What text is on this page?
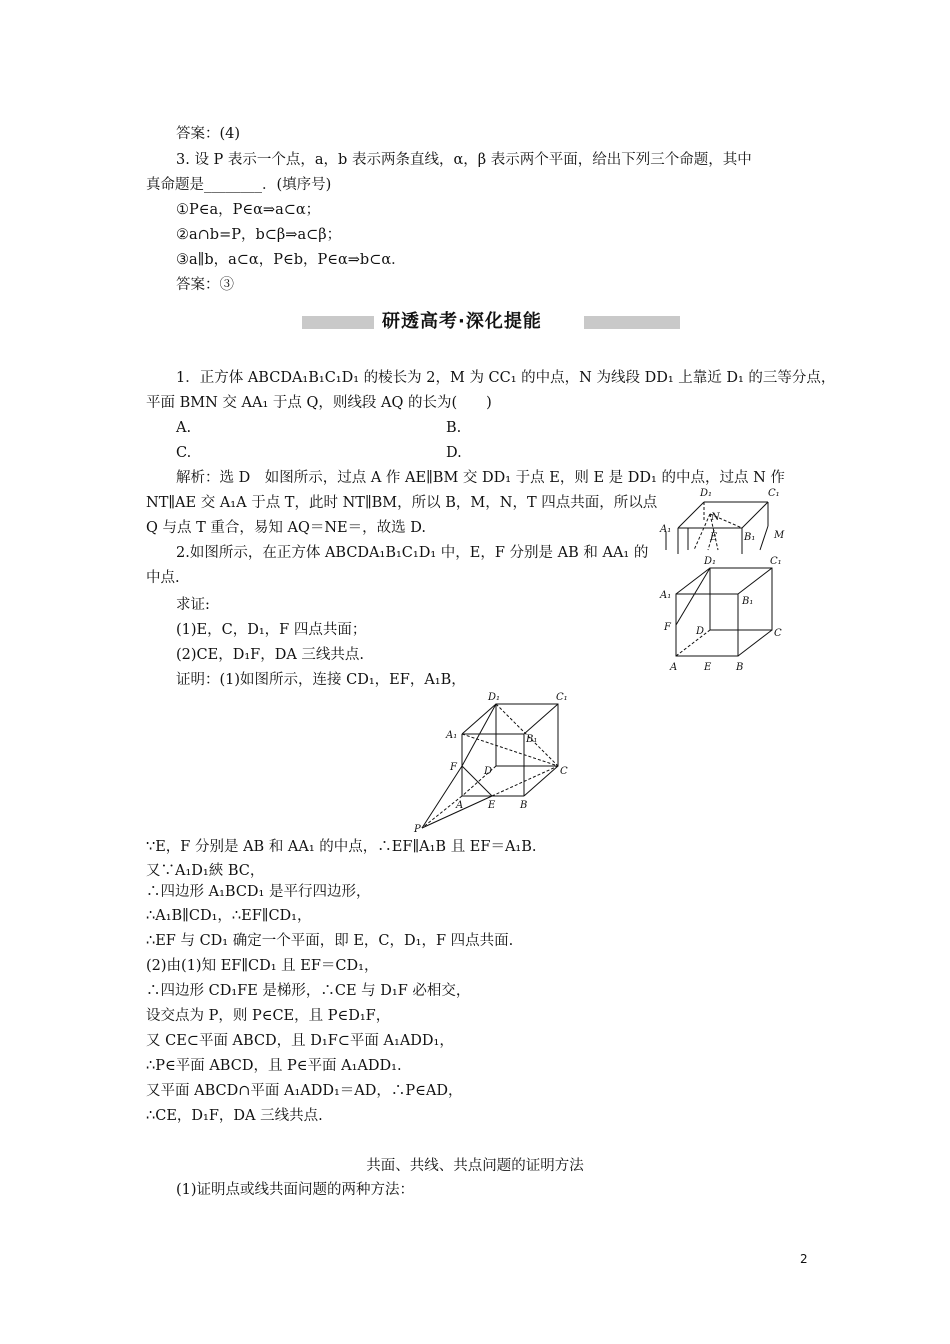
答案：(4)
3. 设 P 表示一个点，a，b 表示两条直线，α，β 表示两个平面，给出下列三个命题，其中
真命题是________．(填序号)
①P∈a，P∈α⇒a⊂α；
②a∩b=P，b⊂β⇒a⊂β；
③a∥b，a⊂α，P∈b，P∈α⇒b⊂α．
答案：③
研透高考·深化提能
1．正方体 ABCDA₁B₁C₁D₁ 的棱长为 2，M 为 CC₁ 的中点，N 为线段 DD₁ 上靠近 D₁ 的三等分点，
平面 BMN 交 AA₁ 于点 Q，则线段 AQ 的长为(　　)
A.	B.
C.	D.
解析：选 D　如图所示，过点 A 作 AE∥BM 交 DD₁ 于点 E，则 E 是 DD₁ 的中点，过点 N 作
NT∥AE 交 A₁A 于点 T，此时 NT∥BM，所以 B，M，N，T 四点共面，所以点
Q 与点 T 重合，易知 AQ＝NE＝，故选 D.
2.如图所示，在正方体 ABCDA₁B₁C₁D₁ 中，E，F 分别是 AB 和 AA₁ 的
中点.
求证:
(1)E，C，D₁，F 四点共面；
(2)CE，D₁F，DA 三线共点.
证明：(1)如图所示，连接 CD₁，EF，A₁B，
D₁	C₁
A₁
N
E	B₁ M
D₁	C₁
A₁
B₁
F	D	C
A	E B
D₁	C₁
A₁	B₁
F	D	C
A E B
P
∵E，F 分别是 AB 和 AA₁ 的中点，∴EF∥A₁B 且 EF＝A₁B.
又∵A₁D₁綊 BC，
∴四边形 A₁BCD₁ 是平行四边形，
∴A₁B∥CD₁，∴EF∥CD₁，
∴EF 与 CD₁ 确定一个平面，即 E，C，D₁，F 四点共面.
(2)由(1)知 EF∥CD₁ 且 EF＝CD₁，
∴四边形 CD₁FE 是梯形，∴CE 与 D₁F 必相交，
设交点为 P，则 P∈CE，且 P∈D₁F，
又 CE⊂平面 ABCD，且 D₁F⊂平面 A₁ADD₁，
∴P∈平面 ABCD，且 P∈平面 A₁ADD₁.
又平面 ABCD∩平面 A₁ADD₁＝AD，∴P∈AD，
∴CE，D₁F，DA 三线共点.
共面、共线、共点问题的证明方法
(1)证明点或线共面问题的两种方法：
2
